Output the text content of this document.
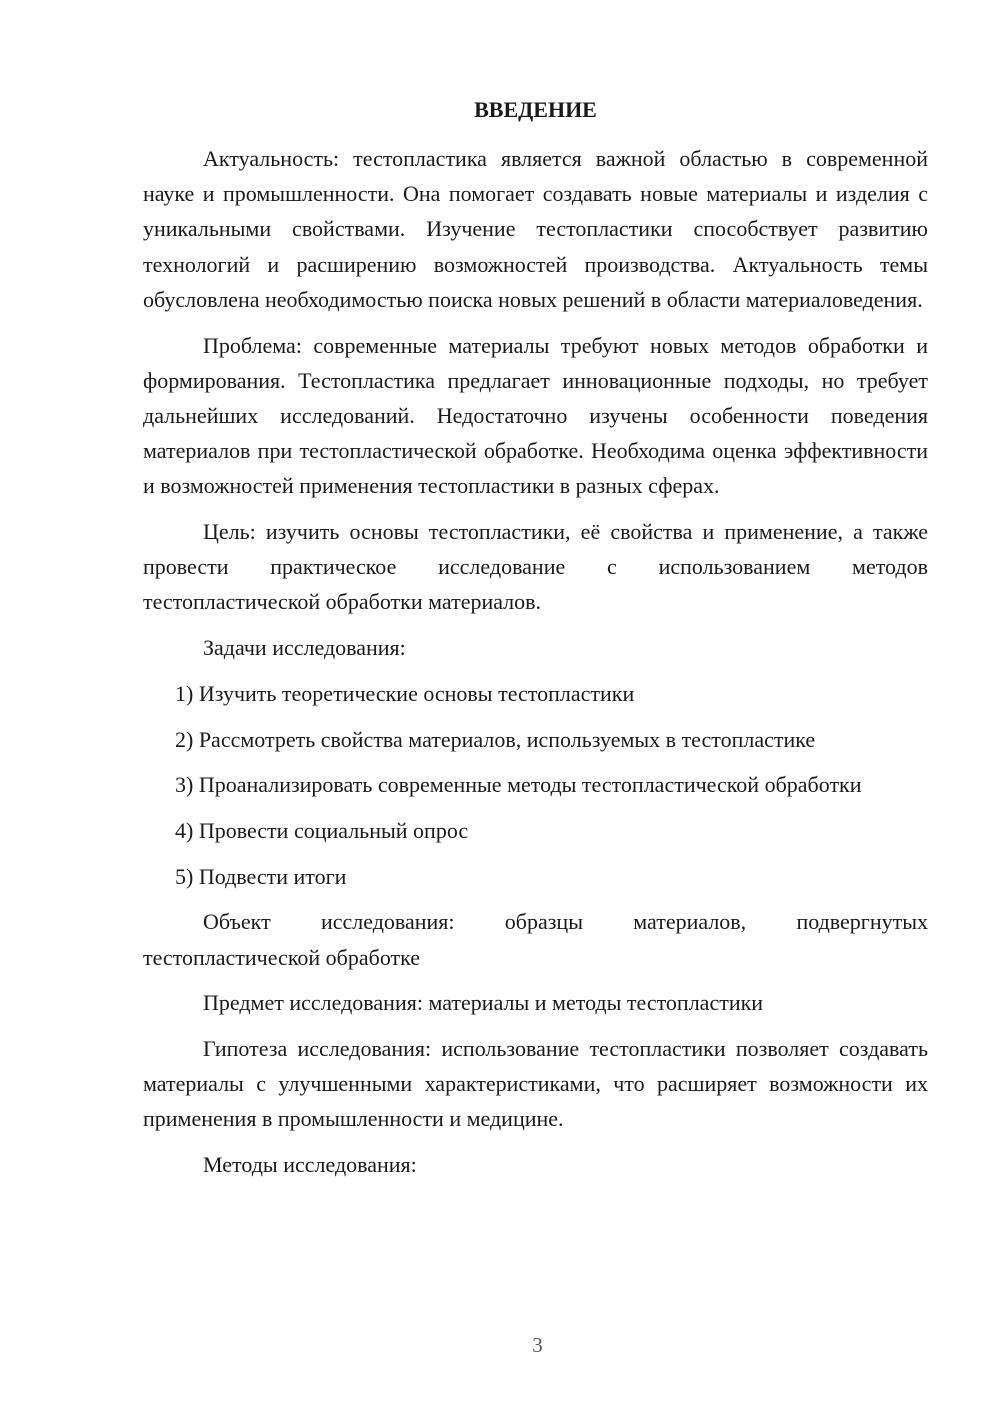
ВВЕДЕНИЕ

Актуальность: тестопластика является важной областью в современной науке и промышленности. Она помогает создавать новые материалы и изделия с уникальными свойствами. Изучение тестопластики способствует развитию технологий и расширению возможностей производства. Актуальность темы обусловлена необходимостью поиска новых решений в области материаловедения.

Проблема: современные материалы требуют новых методов обработки и формирования. Тестопластика предлагает инновационные подходы, но требует дальнейших исследований. Недостаточно изучены особенности поведения материалов при тестопластической обработке. Необходима оценка эффективности и возможностей применения тестопластики в разных сферах.

Цель: изучить основы тестопластики, её свойства и применение, а также провести практическое исследование с использованием методов тестопластической обработки материалов.

Задачи исследования:

1) Изучить теоретические основы тестопластики

2) Рассмотреть свойства материалов, используемых в тестопластике

3) Проанализировать современные методы тестопластической обработки

4) Провести социальный опрос

5) Подвести итоги

Объект исследования: образцы материалов, подвергнутых тестопластической обработке

Предмет исследования: материалы и методы тестопластики

Гипотеза исследования: использование тестопластики позволяет создавать материалы с улучшенными характеристиками, что расширяет возможности их применения в промышленности и медицине.

Методы исследования:

3
